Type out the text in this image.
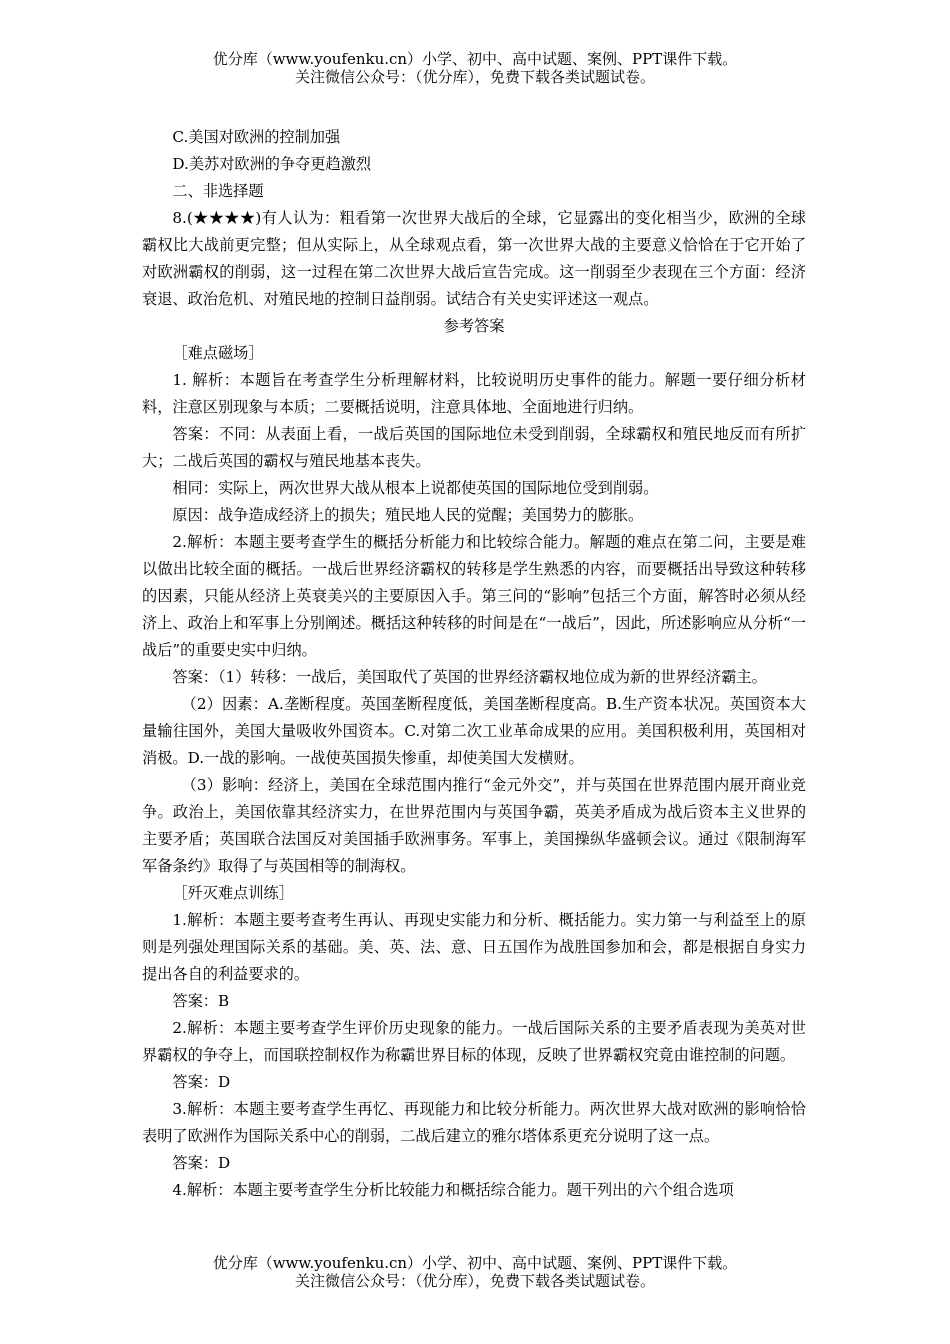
优分库（www.youfenku.cn）小学、初中、高中试题、案例、PPT课件下载。
关注微信公众号：（优分库），免费下载各类试题试卷。

C.美国对欧洲的控制加强

D.美苏对欧洲的争夺更趋激烈

二、非选择题

8.(★★★★)有人认为：粗看第一次世界大战后的全球，它显露出的变化相当少，欧洲的全球霸权比大战前更完整；但从实际上，从全球观点看，第一次世界大战的主要意义恰恰在于它开始了对欧洲霸权的削弱，这一过程在第二次世界大战后宣告完成。这一削弱至少表现在三个方面：经济衰退、政治危机、对殖民地的控制日益削弱。试结合有关史实评述这一观点。

参考答案

［难点磁场］

1. 解析：本题旨在考查学生分析理解材料，比较说明历史事件的能力。解题一要仔细分析材料，注意区别现象与本质；二要概括说明，注意具体地、全面地进行归纳。

答案：不同：从表面上看，一战后英国的国际地位未受到削弱，全球霸权和殖民地反而有所扩大；二战后英国的霸权与殖民地基本丧失。

相同：实际上，两次世界大战从根本上说都使英国的国际地位受到削弱。

原因：战争造成经济上的损失；殖民地人民的觉醒；美国势力的膨胀。

2.解析：本题主要考查学生的概括分析能力和比较综合能力。解题的难点在第二问，主要是难以做出比较全面的概括。一战后世界经济霸权的转移是学生熟悉的内容，而要概括出导致这种转移的因素，只能从经济上英衰美兴的主要原因入手。第三问的“影响”包括三个方面，解答时必须从经济上、政治上和军事上分别阐述。概括这种转移的时间是在“一战后”，因此，所述影响应从分析“一战后”的重要史实中归纳。

答案：（1）转移：一战后，美国取代了英国的世界经济霸权地位成为新的世界经济霸主。

（2）因素：A.垄断程度。英国垄断程度低，美国垄断程度高。B.生产资本状况。英国资本大量输往国外，美国大量吸收外国资本。C.对第二次工业革命成果的应用。美国积极利用，英国相对消极。D.一战的影响。一战使英国损失惨重，却使美国大发横财。

（3）影响：经济上，美国在全球范围内推行“金元外交”，并与英国在世界范围内展开商业竞争。政治上，美国依靠其经济实力，在世界范围内与英国争霸，英美矛盾成为战后资本主义世界的主要矛盾；英国联合法国反对美国插手欧洲事务。军事上，美国操纵华盛顿会议。通过《限制海军军备条约》取得了与英国相等的制海权。

［歼灭难点训练］

1.解析：本题主要考查考生再认、再现史实能力和分析、概括能力。实力第一与利益至上的原则是列强处理国际关系的基础。美、英、法、意、日五国作为战胜国参加和会，都是根据自身实力提出各自的利益要求的。

答案：B

2.解析：本题主要考查学生评价历史现象的能力。一战后国际关系的主要矛盾表现为美英对世界霸权的争夺上，而国联控制权作为称霸世界目标的体现，反映了世界霸权究竟由谁控制的问题。

答案：D

3.解析：本题主要考查学生再忆、再现能力和比较分析能力。两次世界大战对欧洲的影响恰恰表明了欧洲作为国际关系中心的削弱，二战后建立的雅尔塔体系更充分说明了这一点。

答案：D

4.解析：本题主要考查学生分析比较能力和概括综合能力。题干列出的六个组合选项

优分库（www.youfenku.cn）小学、初中、高中试题、案例、PPT课件下载。
关注微信公众号：（优分库），免费下载各类试题试卷。
